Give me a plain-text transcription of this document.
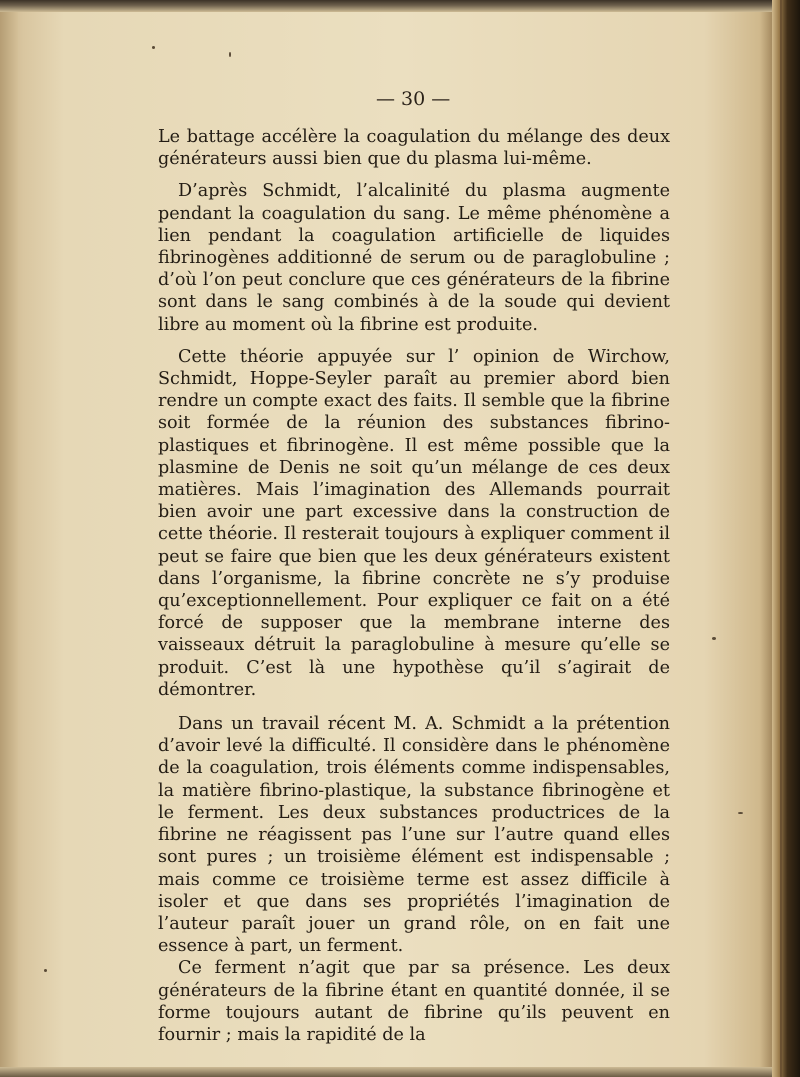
— 30 —

Le battage accélère la coagulation du mélange des deux générateurs aussi bien que du plasma lui-même.

D’après Schmidt, l’alcalinité du plasma augmente pendant la coagulation du sang. Le même phénomène a lien pendant la coagulation artificielle de liquides fibrinogènes additionné de serum ou de paraglobuline ; d’où l’on peut conclure que ces générateurs de la fibrine sont dans le sang combinés à de la soude qui devient libre au moment où la fibrine est produite.

Cette théorie appuyée sur l’ opinion de Wirchow, Schmidt, Hoppe-Seyler paraît au premier abord bien rendre un compte exact des faits. Il semble que la fibrine soit formée de la réunion des substances fibrino-plastiques et fibrinogène. Il est même possible que la plasmine de Denis ne soit qu’un mélange de ces deux matières. Mais l’imagination des Allemands pourrait bien avoir une part excessive dans la construction de cette théorie. Il resterait toujours à expliquer comment il peut se faire que bien que les deux générateurs existent dans l’organisme, la fibrine concrète ne s’y produise qu’exceptionnellement. Pour expliquer ce fait on a été forcé de supposer que la membrane interne des vaisseaux détruit la paraglobuline à mesure qu’elle se produit. C’est là une hypothèse qu’il s’agirait de démontrer.

Dans un travail récent M. A. Schmidt a la prétention d’avoir levé la difficulté. Il considère dans le phénomène de la coagulation, trois éléments comme indispensables, la matière fibrino-plastique, la substance fibrinogène et le ferment. Les deux substances productrices de la fibrine ne réagissent pas l’une sur l’autre quand elles sont pures ; un troisième élément est indispensable ; mais comme ce troisième terme est assez difficile à isoler et que dans ses propriétés l’imagination de l’auteur paraît jouer un grand rôle, on en fait une essence à part, un ferment.

Ce ferment n’agit que par sa présence. Les deux générateurs de la fibrine étant en quantité donnée, il se forme toujours autant de fibrine qu’ils peuvent en fournir ; mais la rapidité de la
